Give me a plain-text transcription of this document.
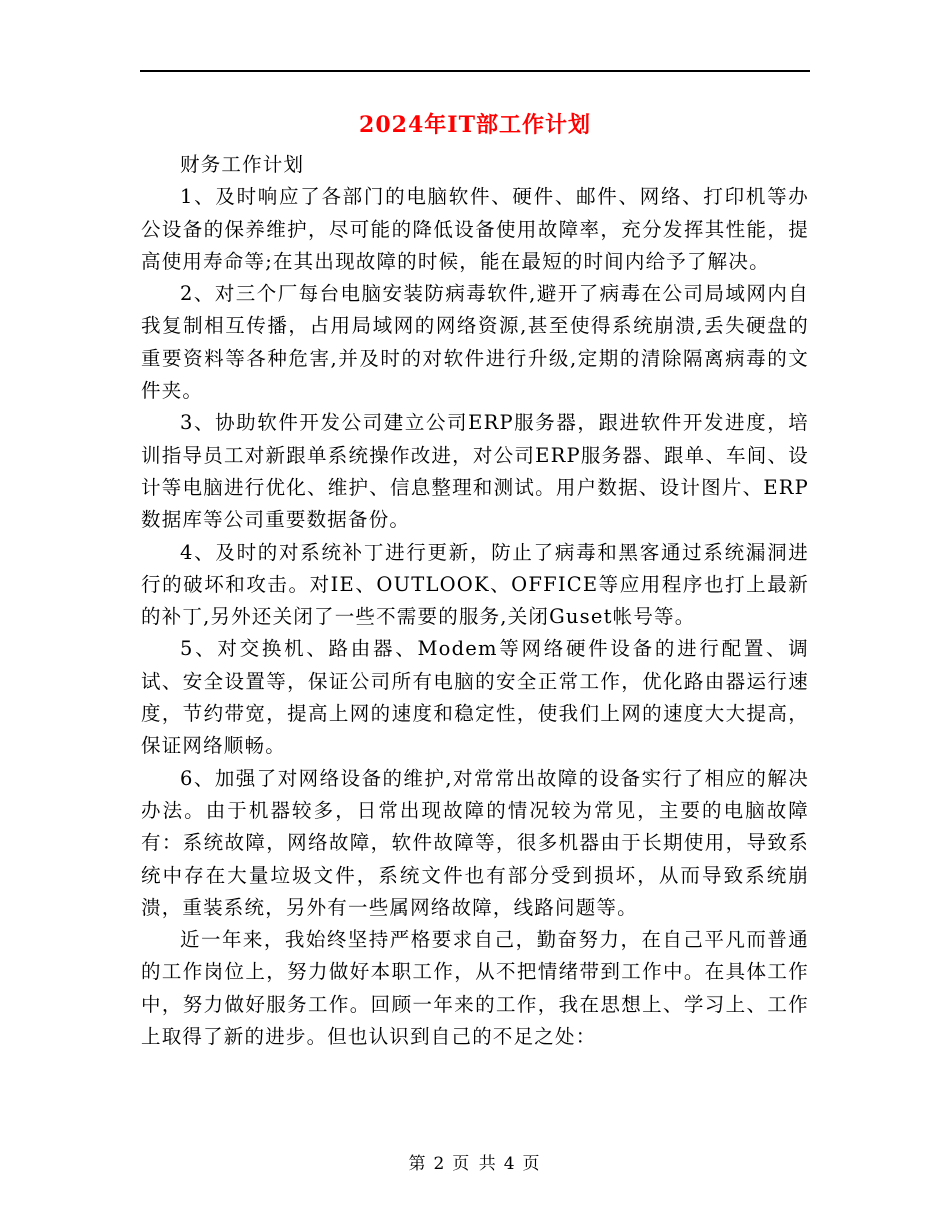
2024年IT部工作计划

财务工作计划

1、及时响应了各部门的电脑软件、硬件、邮件、网络、打印机等办公设备的保养维护，尽可能的降低设备使用故障率，充分发挥其性能，提高使用寿命等;在其出现故障的时候，能在最短的时间内给予了解决。

2、对三个厂每台电脑安装防病毒软件,避开了病毒在公司局域网内自我复制相互传播，占用局域网的网络资源,甚至使得系统崩溃,丢失硬盘的重要资料等各种危害,并及时的对软件进行升级,定期的清除隔离病毒的文件夹。

3、协助软件开发公司建立公司ERP服务器，跟进软件开发进度，培训指导员工对新跟单系统操作改进，对公司ERP服务器、跟单、车间、设计等电脑进行优化、维护、信息整理和测试。用户数据、设计图片、ERP数据库等公司重要数据备份。

4、及时的对系统补丁进行更新，防止了病毒和黑客通过系统漏洞进行的破坏和攻击。对IE、OUTLOOK、OFFICE等应用程序也打上最新的补丁,另外还关闭了一些不需要的服务,关闭Guset帐号等。

5、对交换机、路由器、Modem等网络硬件设备的进行配置、调试、安全设置等，保证公司所有电脑的安全正常工作，优化路由器运行速度，节约带宽，提高上网的速度和稳定性，使我们上网的速度大大提高，保证网络顺畅。

6、加强了对网络设备的维护,对常常出故障的设备实行了相应的解决办法。由于机器较多，日常出现故障的情况较为常见，主要的电脑故障有：系统故障，网络故障，软件故障等，很多机器由于长期使用，导致系统中存在大量垃圾文件，系统文件也有部分受到损坏，从而导致系统崩溃，重装系统，另外有一些属网络故障，线路问题等。

近一年来，我始终坚持严格要求自己，勤奋努力，在自己平凡而普通的工作岗位上，努力做好本职工作，从不把情绪带到工作中。在具体工作中，努力做好服务工作。回顾一年来的工作，我在思想上、学习上、工作上取得了新的进步。但也认识到自己的不足之处：

第 2 页 共 4 页
